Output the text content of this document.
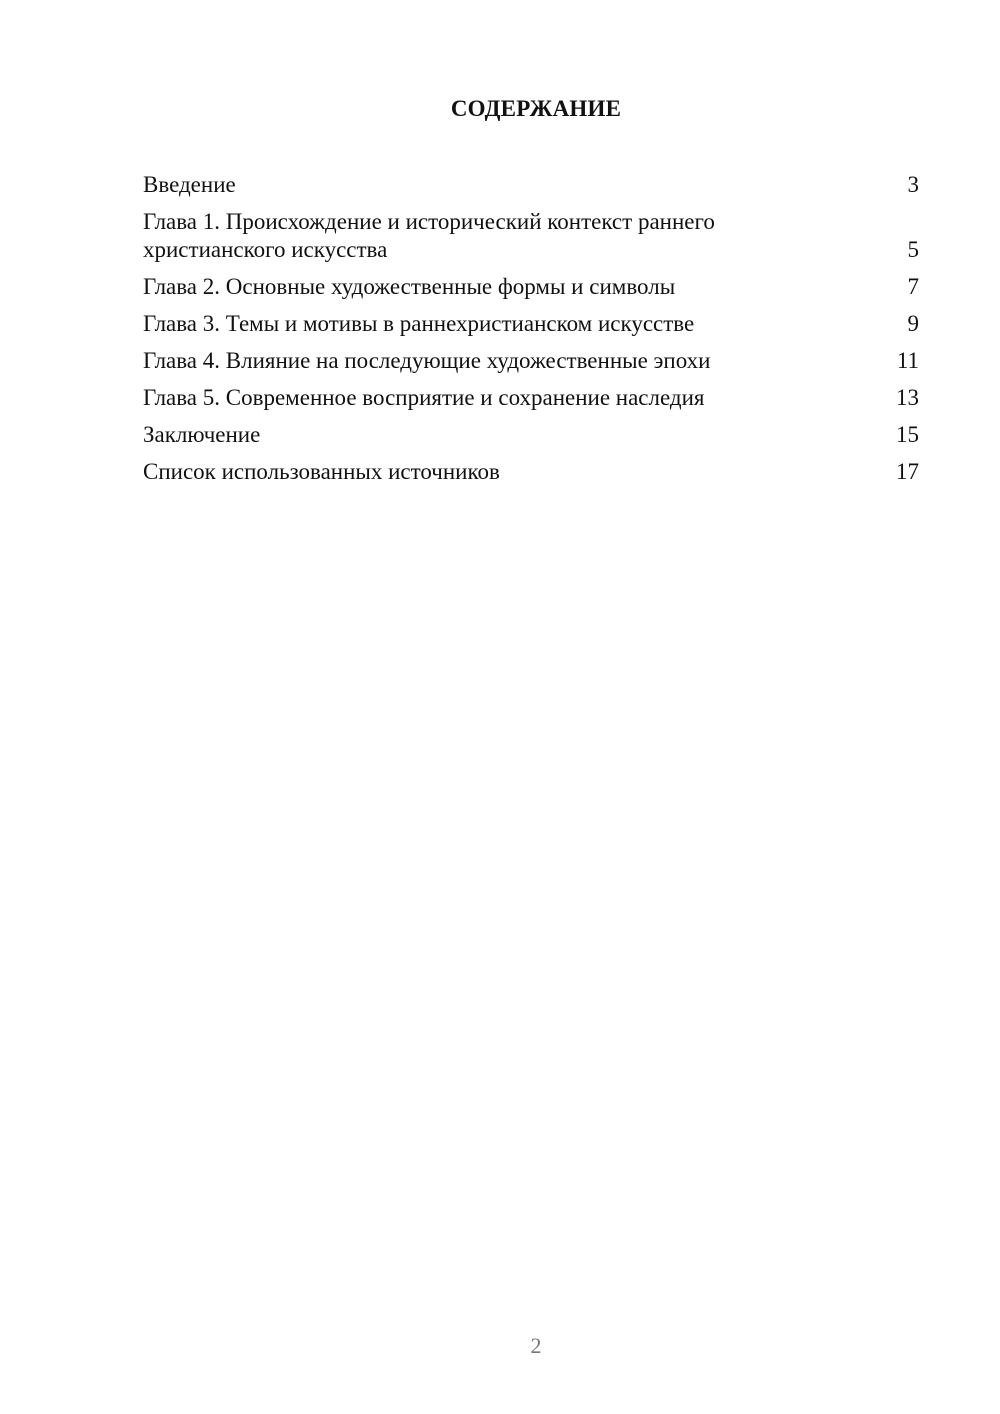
СОДЕРЖАНИЕ
Введение	3
Глава 1. Происхождение и исторический контекст раннего христианского искусства	5
Глава 2. Основные художественные формы и символы	7
Глава 3. Темы и мотивы в раннехристианском искусстве	9
Глава 4. Влияние на последующие художественные эпохи	11
Глава 5. Современное восприятие и сохранение наследия	13
Заключение	15
Список использованных источников	17
2
